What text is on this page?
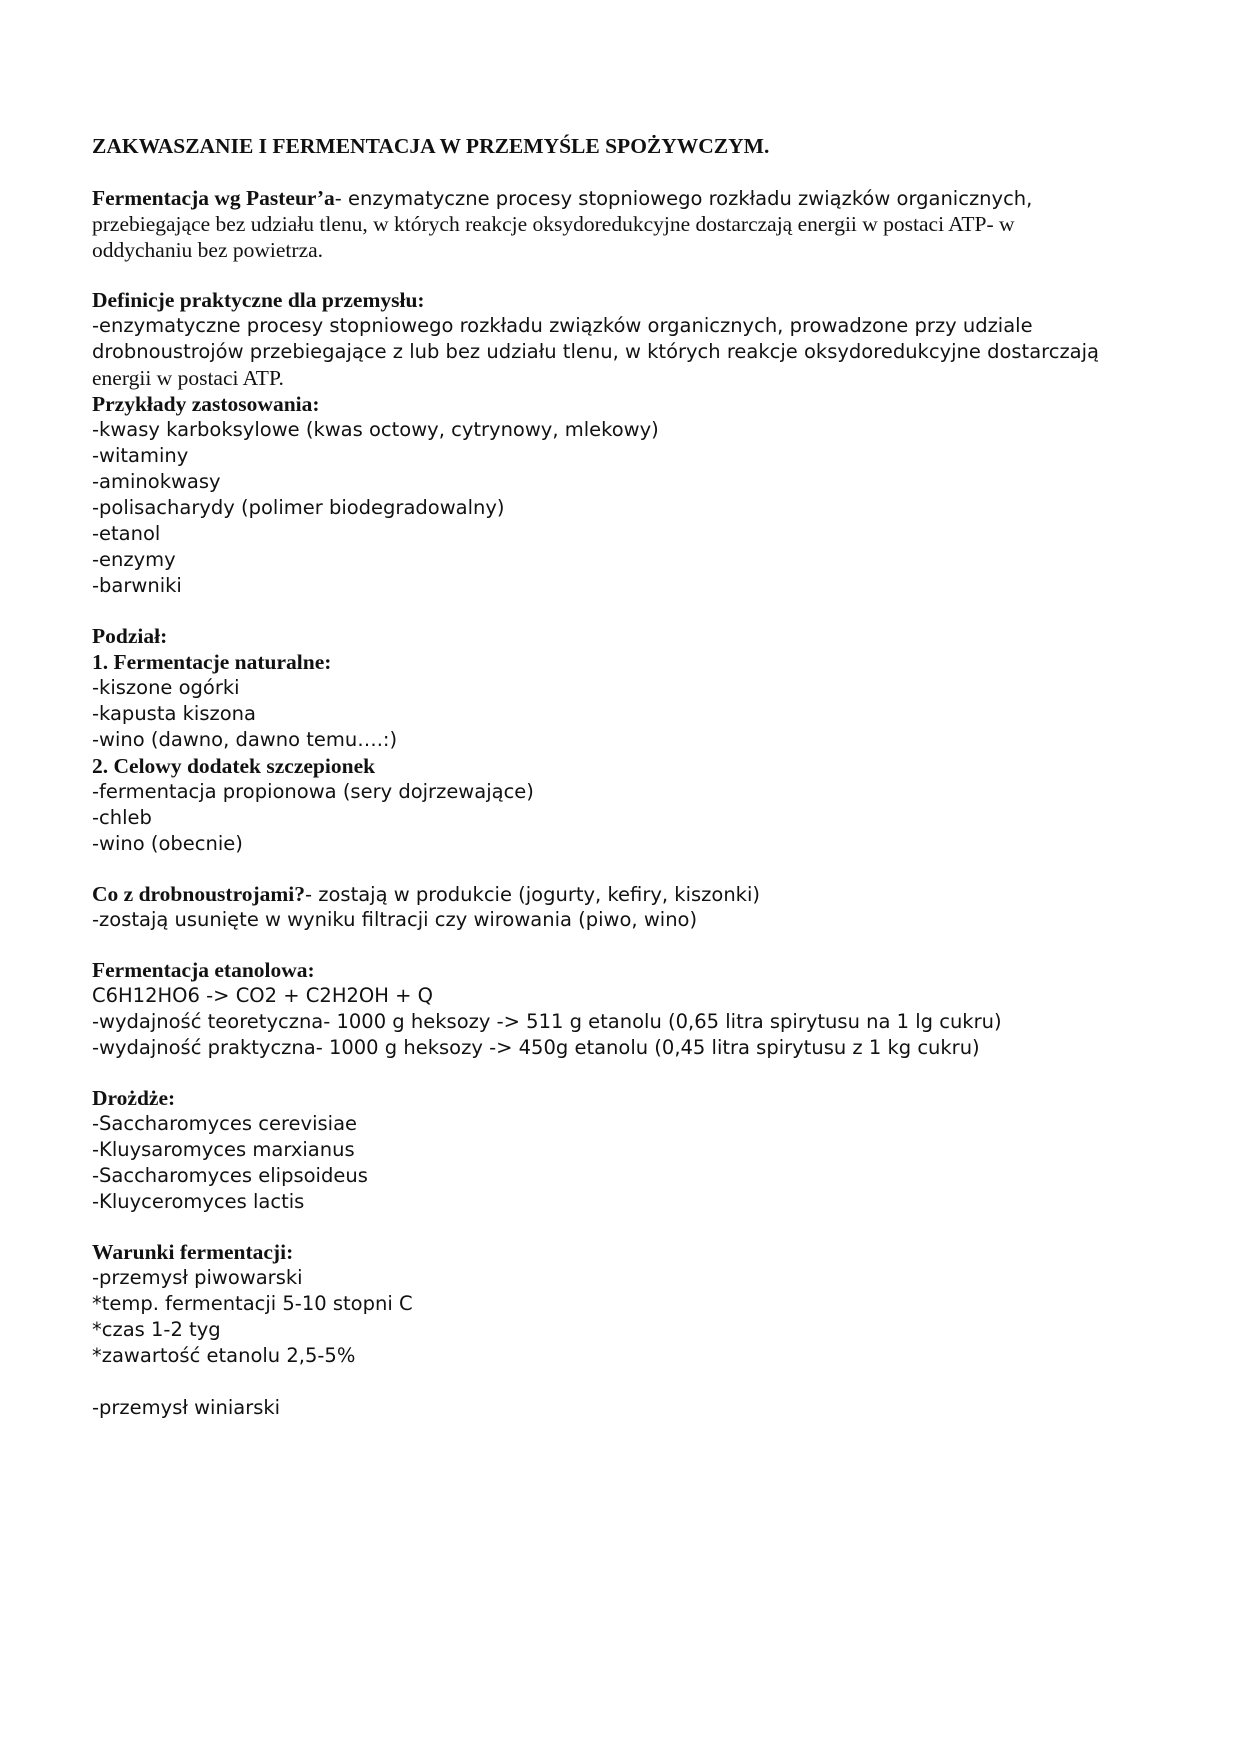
ZAKWASZANIE I FERMENTACJA W PRZEMYŚLE SPOŻYWCZYM.
Fermentacja wg Pasteur’a- enzymatyczne procesy stopniowego rozkładu związków organicznych,
przebiegające bez udziału tlenu, w których reakcje oksydoredukcyjne dostarczają energii w postaci ATP- w
oddychaniu bez powietrza.
Definicje praktyczne dla przemysłu:
-enzymatyczne procesy stopniowego rozkładu związków organicznych, prowadzone przy udziale
drobnoustrojów przebiegające z lub bez udziału tlenu, w których reakcje oksydoredukcyjne dostarczają
energii w postaci ATP.
Przykłady zastosowania:
-kwasy karboksylowe (kwas octowy, cytrynowy, mlekowy)
-witaminy
-aminokwasy
-polisacharydy (polimer biodegradowalny)
-etanol
-enzymy
-barwniki
Podział:
1. Fermentacje naturalne:
-kiszone ogórki
-kapusta kiszona
-wino (dawno, dawno temu….:)
2. Celowy dodatek szczepionek
-fermentacja propionowa (sery dojrzewające)
-chleb
-wino (obecnie)
Co z drobnoustrojami?- zostają w produkcie (jogurty, kefiry, kiszonki)
-zostają usunięte w wyniku filtracji czy wirowania (piwo, wino)
Fermentacja etanolowa:
C6H12HO6 -> CO2 + C2H2OH + Q
-wydajność teoretyczna- 1000 g heksozy -> 511 g etanolu (0,65 litra spirytusu na 1 lg cukru)
-wydajność praktyczna- 1000 g heksozy -> 450g etanolu (0,45 litra spirytusu z 1 kg cukru)
Drożdże:
-Saccharomyces cerevisiae
-Kluysaromyces marxianus
-Saccharomyces elipsoideus
-Kluyceromyces lactis
Warunki fermentacji:
-przemysł piwowarski
*temp. fermentacji 5-10 stopni C
*czas 1-2 tyg
*zawartość etanolu 2,5-5%
-przemysł winiarski
